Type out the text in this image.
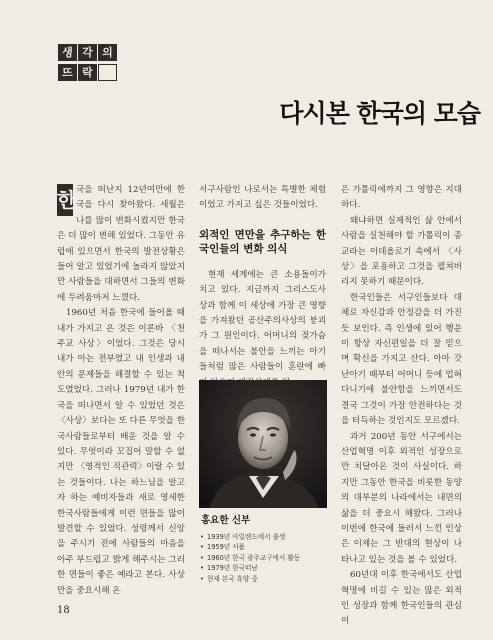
생 각 의
뜨 락
다시본 한국의 모습

한 국을 떠난지 12년여만에 한국을 다시 찾아왔다. 세월은 나를 많이 변화시켰지만 한국은 더 많이 변해 있었다. 그동안 유럽에 있으면서 한국의 발전상황은 들어 알고 있었기에 놀라지 않았지만 사람들을 대하면서 그들의 변화에 두려움마저 느꼈다.

1960년 처음 한국에 들어올 때 내가 가지고 온 것은 이론바 〈천주교 사상〉이었다. 그것은 당시 내가 아는 전부였고 내 인생과 내 안의 문제들을 해결할 수 있는 척도였었다. 그러나 1979년 내가 한국을 떠나면서 알 수 있었던 것은 〈사상〉보다는 또 다른 무엇을 한국사람들로부터 배운 것을 알 수 있다. 무엇이라 꼬집어 말할 수 없지만 〈영적인 직관력〉이랄 수 있는 것들이다. 나는 하느님을 알고자 하는 예비자들과 새로 영세한 한국사람들에게 이런 면들을 많이 발견할 수 있었다. 성령께서 신앙을 주시기 전에 사람들의 마음을 아주 부드럽고 밝게 해주시는 그러한 면들이 좋은 예라고 본다. 사상만을 중요시해 온

서구사람인 나로서는 특별한 체험이었고 가지고 싶은 것들이었다.

외적인 면만을 추구하는 한국인들의 변화 의식

현재 세계에는 큰 소용돌이가 치고 있다. 지금까지 그리스도사상과 함께 이 세상에 가장 큰 영향을 가져왔던 공산주의사상의 붕괴가 그 원인이다. 어머니의 젖가슴을 떠나서는 불안을 느끼는 아기들처럼 많은 사람들이 혼란에 빠

홍요한 신부
• 1939년 아일랜드에서 출생
• 1959년 서품
• 1960년 한국 광주교구에서 활동
• 1979년 한국떠남
• 현재 본국 휴양 중

은 가톨릭에까지 그 영향은 지대하다.

왜냐하면 실제적인 삶 안에서 사람을 실천해야 할 가톨릭이 종교라는 이데올로기 속에서 〈사상〉을 포용하고 그것을 펼쳐버리지 못하기 때문이다.

한국인들은 서구인들보다 대체로 자신감과 안정감을 더 가진듯 보인다. 즉 인생에 있어 행운이 항상 자신편일을 더 잘 믿으며 확신을 가지고 산다. 아마 갓난아기 때부터 어머니 등에 업혀다니기에 불안함을 느끼면서도 결국 그것이 가장 안전하다는 것을 터득하는 것인지도 모르겠다.

과거 200년 동안 서구에서는 산업혁명 이후 외적인 성장으로만 치달아온 것이 사실이다. 하지만 그동안 한국을 비롯한 동양의 대부분의 나라에서는 내면의 삶을 더 중요시 해왔다. 그러나 이번에 한국에 들러서 느낀 인상은 이제는 그 반대의 현상이 나타나고 있는 것을 볼 수 있었다.

60년대 이후 한국에서도 산업혁명에 비길 수 있는 많은 외적인 성장과 함께 한국인들의 관심이

18
